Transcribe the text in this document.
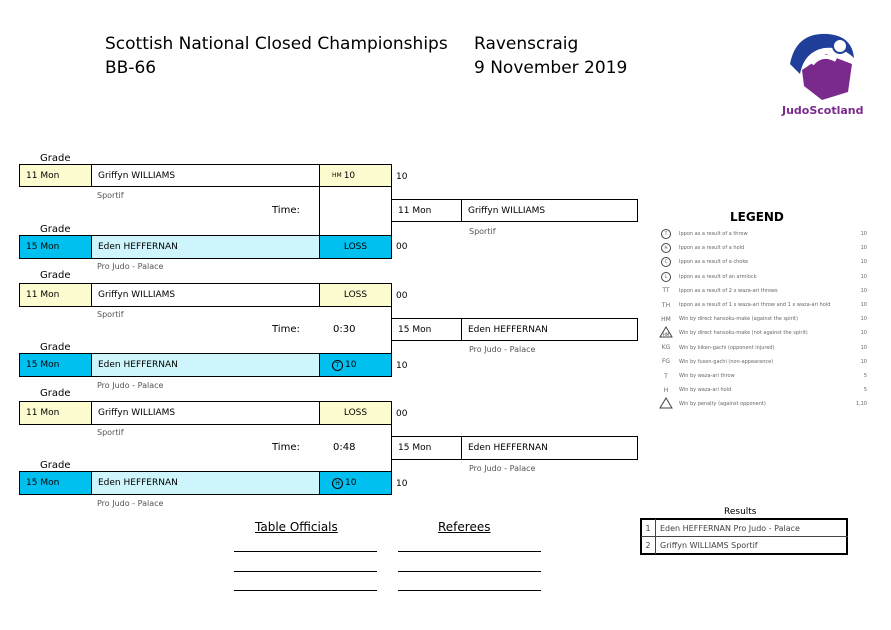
Scottish National Closed Championships
BB-66
Ravenscraig
9 November 2019
JudoScotland
Grade
11 Mon	Griffyn WILLIAMS	HM 10	10
Sportif
Time:
Grade
15 Mon	Eden HEFFERNAN	LOSS	00
Pro Judo - Palace
11 Mon	Griffyn WILLIAMS
Sportif
Grade
11 Mon	Griffyn WILLIAMS	LOSS	00
Sportif
Time:	0:30
Grade
15 Mon	Eden HEFFERNAN	T 10	10
Pro Judo - Palace
15 Mon	Eden HEFFERNAN
Pro Judo - Palace
Grade
11 Mon	Griffyn WILLIAMS	LOSS	00
Sportif
Time:	0:48
Grade
15 Mon	Eden HEFFERNAN	H 10	10
Pro Judo - Palace
15 Mon	Eden HEFFERNAN
Pro Judo - Palace
LEGEND
T	Ippon as a result of a throw	10
H	Ippon as a result of a hold	10
C	Ippon as a result of a choke	10
L	Ippon as a result of an armlock	10
TT	Ippon as a result of 2 x waza-ari throws	10
TH	Ippon as a result of 1 x waza-ari throw and 1 x waza-ari hold	10
HM	Win by direct hansoku-make (against the spirit)	10
HM	Win by direct hansoku-make (not against the spirit)	10
KG	Win by kiken-gachi (opponent injured)	10
FG	Win by fusen-gachi (non-appearance)	10
T	Win by waza-ari throw	5
H	Win by waza-ari hold	5
Win by penalty (against opponent)	1,10
Table Officials	Referees
Results
1	Eden HEFFERNAN Pro Judo - Palace
2	Griffyn WILLIAMS Sportif
